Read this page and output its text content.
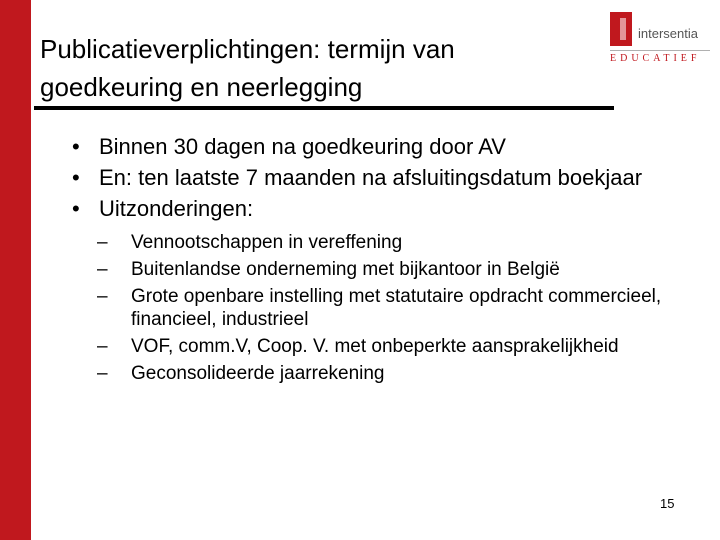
Publicatieverplichtingen: termijn van goedkeuring en neerlegging
intersentia
EDUCATIEF
• Binnen 30 dagen na goedkeuring door AV
• En: ten laatste 7 maanden na afsluitingsdatum boekjaar
• Uitzonderingen:
– Vennootschappen in vereffening
– Buitenlandse onderneming met bijkantoor in België
– Grote openbare instelling met statutaire opdracht commercieel, financieel, industrieel
– VOF, comm.V, Coop. V. met onbeperkte aansprakelijkheid
– Geconsolideerde jaarrekening
15
